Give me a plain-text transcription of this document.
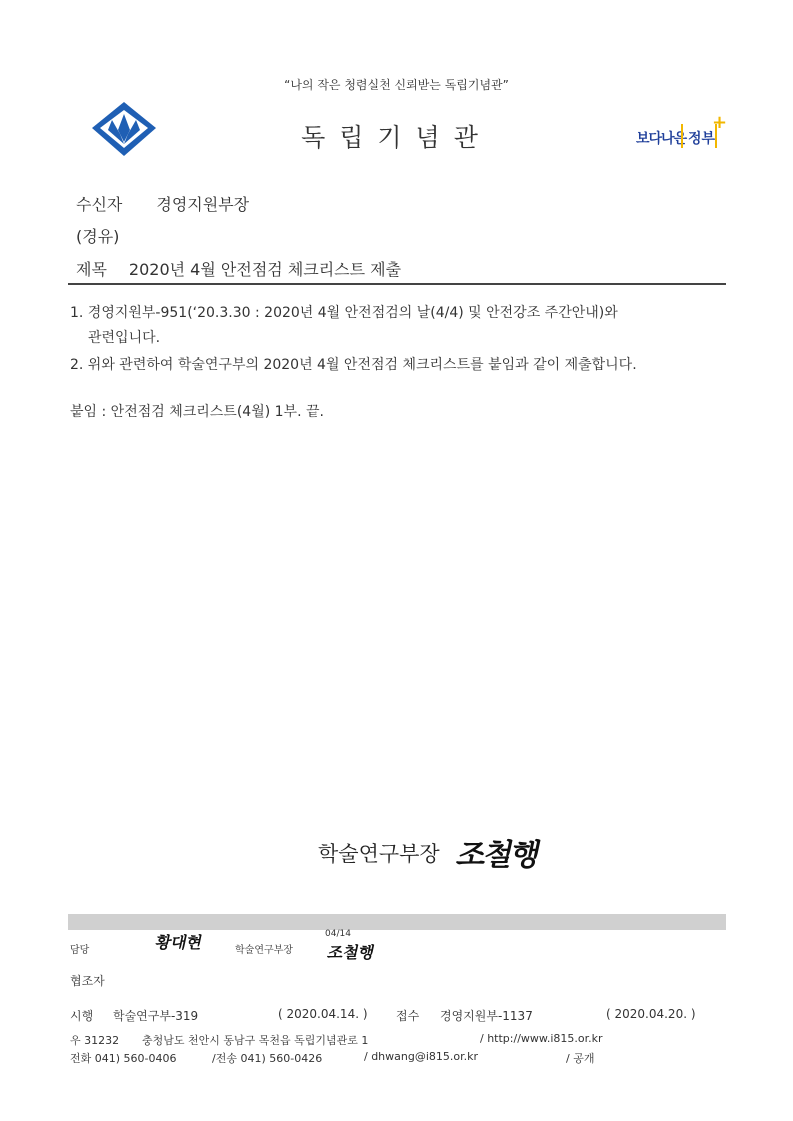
“나의 작은 청렴실천 신뢰받는 독립기념관”
독립기념관	보다나은 정부
+
수신자 경영지원부장
(경유)
제목 2020년 4월 안전점검 체크리스트 제출
1. 경영지원부-951(‘20.3.30 : 2020년 4월 안전점검의 날(4/4) 및 안전강조 주간안내)와
관련입니다.
2. 위와 관련하여 학술연구부의 2020년 4월 안전점검 체크리스트를 붙임과 같이 제출합니다.
붙임 : 안전점검 체크리스트(4월) 1부. 끝.
학술연구부장 조철행
담당	황대현	학술연구부장
04/14
조철행
협조자
시행 학술연구부-319	( 2020.04.14. ) 접수 경영지원부-1137	( 2020.04.20. )
우 31232 충청남도 천안시 동남구 목천읍 독립기념관로 1	/ http://www.i815.or.kr
전화 041) 560-0406	/전송 041) 560-0426	/ dhwang@i815.or.kr	/ 공개
